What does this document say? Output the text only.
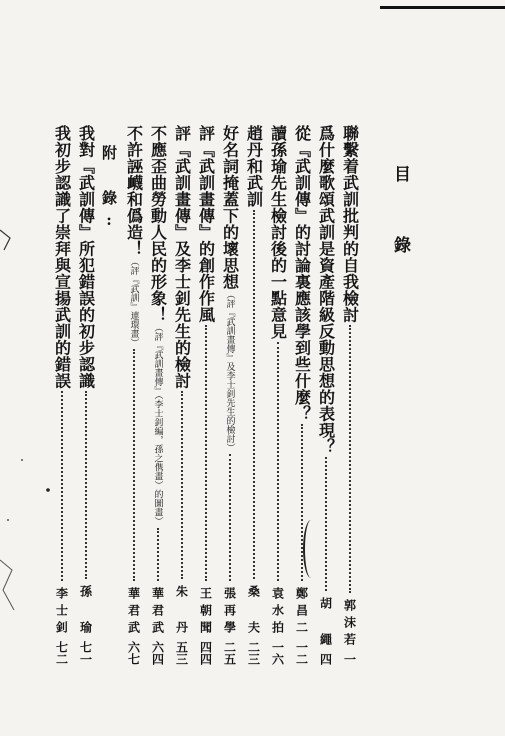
目 錄
聯繫着武訓批判的自我檢討
郭沫若
一
爲什麼歌頌武訓是資產階級反動思想的表現？
胡 繩
四
從『武訓傳』的討論裏應該學到些什麼？
鄭昌二
一二
讀孫瑜先生檢討後的一點意見
袁水拍
一六
趙丹和武訓
桑 夫
二三
好名詞掩蓋下的壞思想
（評『武訓畫傳』及李士釗先生的檢討）
張再學
二五
評『武訓畫傳』的創作作風
王朝聞
四四
評『武訓畫傳』及李士釗先生的檢討
朱 丹
五三
不應歪曲勞動人民的形象！
（評『武訓畫傳』（李士釗編，孫之㑺畫）的圖畫）
華君武
六四
不許誣衊和僞造！
（評『武訓』連環畫）
華君武
六七
附 錄:
我對『武訓傳』所犯錯誤的初步認識
孫 瑜
七一
我初步認識了崇拜與宣揚武訓的錯誤
李士釗
七二
